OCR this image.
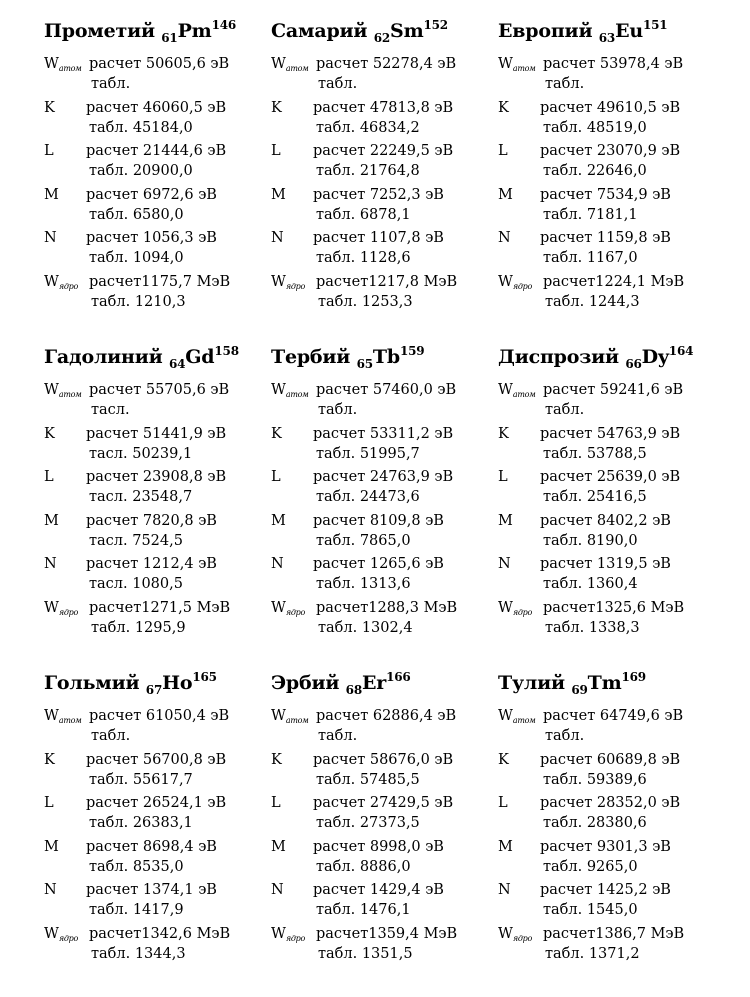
Прометий $_{61}Pm^{146}$
$W_{атом}$ расчет 50605,6 эВ
табл.
K расчет 46060,5 эВ
табл. 45184,0
L расчет 21444,6 эВ
табл. 20900,0
M расчет 6972,6 эВ
табл. 6580,0
N расчет 1056,3 эВ
табл. 1094,0
$W_{ядро}$ расчет1175,7 МэВ
табл. 1210,3
Самарий $_{62}Sm^{152}$
$W_{атом}$ расчет 52278,4 эВ
табл.
K расчет 47813,8 эВ
табл. 46834,2
L расчет 22249,5 эВ
табл. 21764,8
M расчет 7252,3 эВ
табл. 6878,1
N расчет 1107,8 эВ
табл. 1128,6
$W_{ядро}$ расчет1217,8 МэВ
табл. 1253,3
Европий $_{63}Eu^{151}$
$W_{атом}$ расчет 53978,4 эВ
табл.
K расчет 49610,5 эВ
табл. 48519,0
L расчет 23070,9 эВ
табл. 22646,0
M расчет 7534,9 эВ
табл. 7181,1
N расчет 1159,8 эВ
табл. 1167,0
$W_{ядро}$ расчет1224,1 МэВ
табл. 1244,3
Гадолиний $_{64}Gd^{158}$
$W_{атом}$ расчет 55705,6 эВ
тасл.
K расчет 51441,9 эВ
тасл. 50239,1
L расчет 23908,8 эВ
тасл. 23548,7
M расчет 7820,8 эВ
тасл. 7524,5
N расчет 1212,4 эВ
тасл. 1080,5
$W_{ядро}$ расчет1271,5 МэВ
табл. 1295,9
Тербий $_{65}Tb^{159}$
$W_{атом}$ расчет 57460,0 эВ
табл.
K расчет 53311,2 эВ
табл. 51995,7
L расчет 24763,9 эВ
табл. 24473,6
M расчет 8109,8 эВ
табл. 7865,0
N расчет 1265,6 эВ
табл. 1313,6
$W_{ядро}$ расчет1288,3 МэВ
табл. 1302,4
Диспрозий $_{66}Dy^{164}$
$W_{атом}$ расчет 59241,6 эВ
табл.
K расчет 54763,9 эВ
табл. 53788,5
L расчет 25639,0 эВ
табл. 25416,5
M расчет 8402,2 эВ
табл. 8190,0
N расчет 1319,5 эВ
табл. 1360,4
$W_{ядро}$ расчет1325,6 МэВ
табл. 1338,3
Гольмий $_{67}Ho^{165}$
$W_{атом}$ расчет 61050,4 эВ
табл.
K расчет 56700,8 эВ
табл. 55617,7
L расчет 26524,1 эВ
табл. 26383,1
M расчет 8698,4 эВ
табл. 8535,0
N расчет 1374,1 эВ
табл. 1417,9
$W_{ядро}$ расчет1342,6 МэВ
табл. 1344,3
Эрбий $_{68}Er^{166}$
$W_{атом}$ расчет 62886,4 эВ
табл.
K расчет 58676,0 эВ
табл. 57485,5
L расчет 27429,5 эВ
табл. 27373,5
M расчет 8998,0 эВ
табл. 8886,0
N расчет 1429,4 эВ
табл. 1476,1
$W_{ядро}$ расчет1359,4 МэВ
табл. 1351,5
Тулий $_{69}Tm^{169}$
$W_{атом}$ расчет 64749,6 эВ
табл.
K расчет 60689,8 эВ
табл. 59389,6
L расчет 28352,0 эВ
табл. 28380,6
M расчет 9301,3 эВ
табл. 9265,0
N расчет 1425,2 эВ
табл. 1545,0
$W_{ядро}$ расчет1386,7 МэВ
табл. 1371,2
